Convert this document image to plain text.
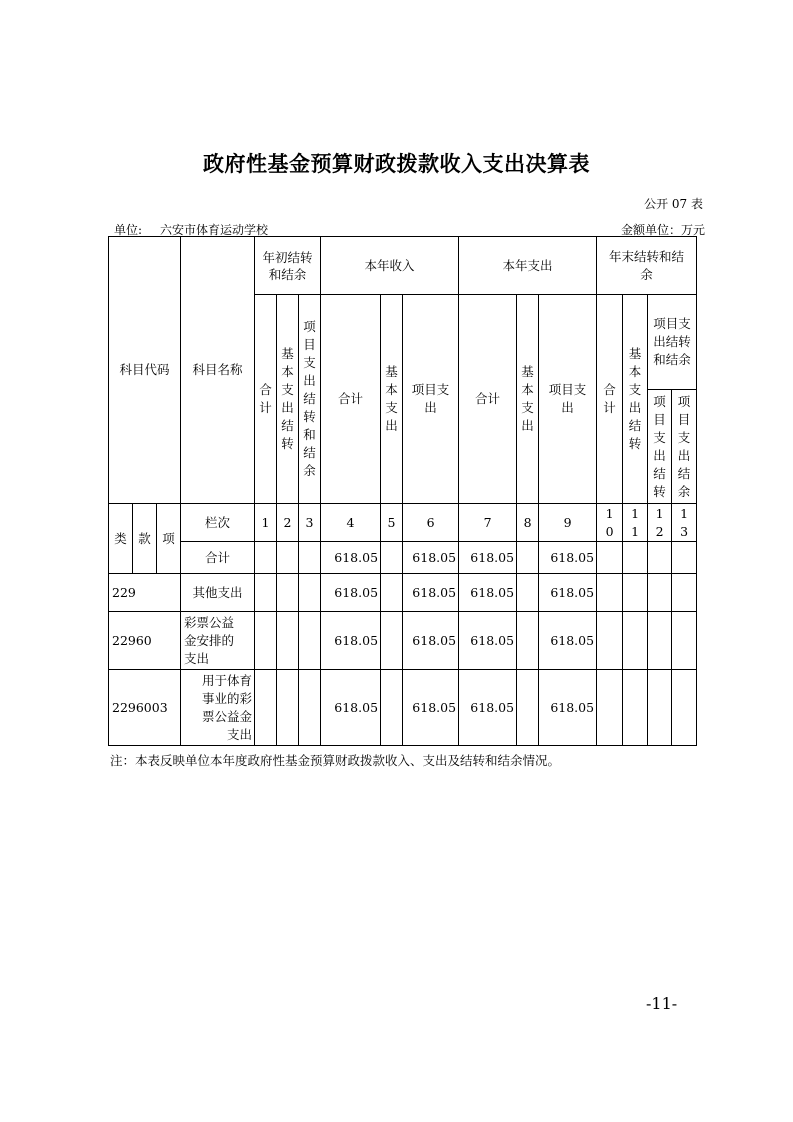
政府性基金预算财政拨款收入支出决算表
公开 07 表
单位: 六安市体育运动学校	金额单位：万元
科目代码			科目名称	年初结转和结余			本年收入			本年支出			年末结转和结余			

				合计	基本支出结转	项目支出结转和结余	合计	基本支出	项目支出	合计	基本支出	项目支出	合计	基本支出结转	项目支出结转和结余	

															项目支出结转	项目支出结余

类	款	项	栏次	1	2	3	4	5	6	7	8	9	10	11	12	13
			合计				618.05		618.05	618.05		618.05				
229			其他支出				618.05		618.05	618.05		618.05				
22960			彩票公益金安排的支出				618.05		618.05	618.05		618.05				
2296003			用于体育事业的彩票公益金支出				618.05		618.05	618.05		618.05				
注：本表反映单位本年度政府性基金预算财政拨款收入、支出及结转和结余情况。
-11-
